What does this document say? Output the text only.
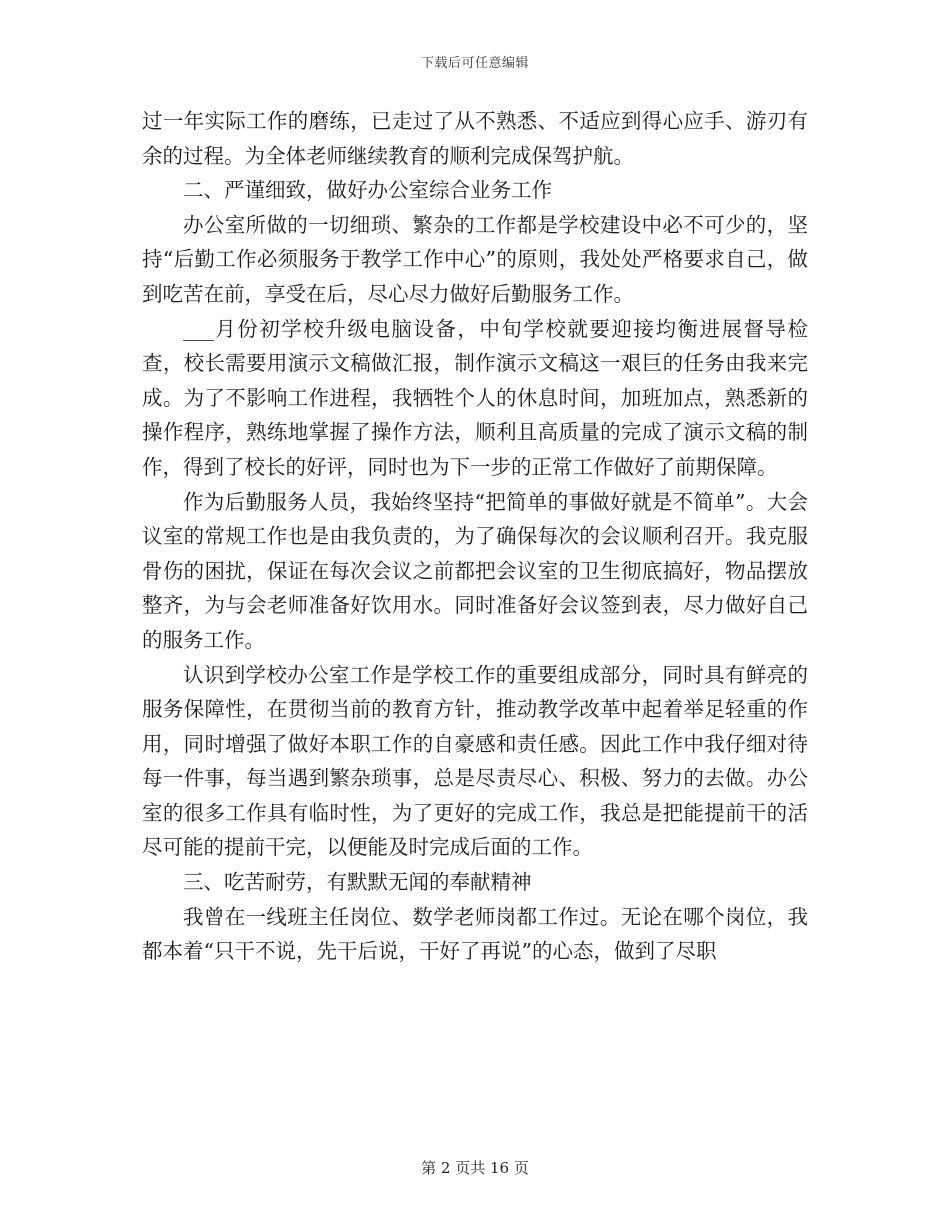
下载后可任意编辑

过一年实际工作的磨练，已走过了从不熟悉、不适应到得心应手、游刃有余的过程。为全体老师继续教育的顺利完成保驾护航。

二、严谨细致，做好办公室综合业务工作

办公室所做的一切细琐、繁杂的工作都是学校建设中必不可少的，坚持“后勤工作必须服务于教学工作中心”的原则，我处处严格要求自己，做到吃苦在前，享受在后，尽心尽力做好后勤服务工作。

___月份初学校升级电脑设备，中旬学校就要迎接均衡进展督导检查，校长需要用演示文稿做汇报，制作演示文稿这一艰巨的任务由我来完成。为了不影响工作进程，我牺牲个人的休息时间，加班加点，熟悉新的操作程序，熟练地掌握了操作方法，顺利且高质量的完成了演示文稿的制作，得到了校长的好评，同时也为下一步的正常工作做好了前期保障。

作为后勤服务人员，我始终坚持“把简单的事做好就是不简单”。大会议室的常规工作也是由我负责的，为了确保每次的会议顺利召开。我克服骨伤的困扰，保证在每次会议之前都把会议室的卫生彻底搞好，物品摆放整齐，为与会老师准备好饮用水。同时准备好会议签到表，尽力做好自己的服务工作。

认识到学校办公室工作是学校工作的重要组成部分，同时具有鲜亮的服务保障性，在贯彻当前的教育方针，推动教学改革中起着举足轻重的作用，同时增强了做好本职工作的自豪感和责任感。因此工作中我仔细对待每一件事，每当遇到繁杂琐事，总是尽责尽心、积极、努力的去做。办公室的很多工作具有临时性，为了更好的完成工作，我总是把能提前干的活尽可能的提前干完，以便能及时完成后面的工作。

三、吃苦耐劳，有默默无闻的奉献精神

我曾在一线班主任岗位、数学老师岗都工作过。无论在哪个岗位，我都本着“只干不说，先干后说，干好了再说”的心态，做到了尽职

第 2 页共 16 页
